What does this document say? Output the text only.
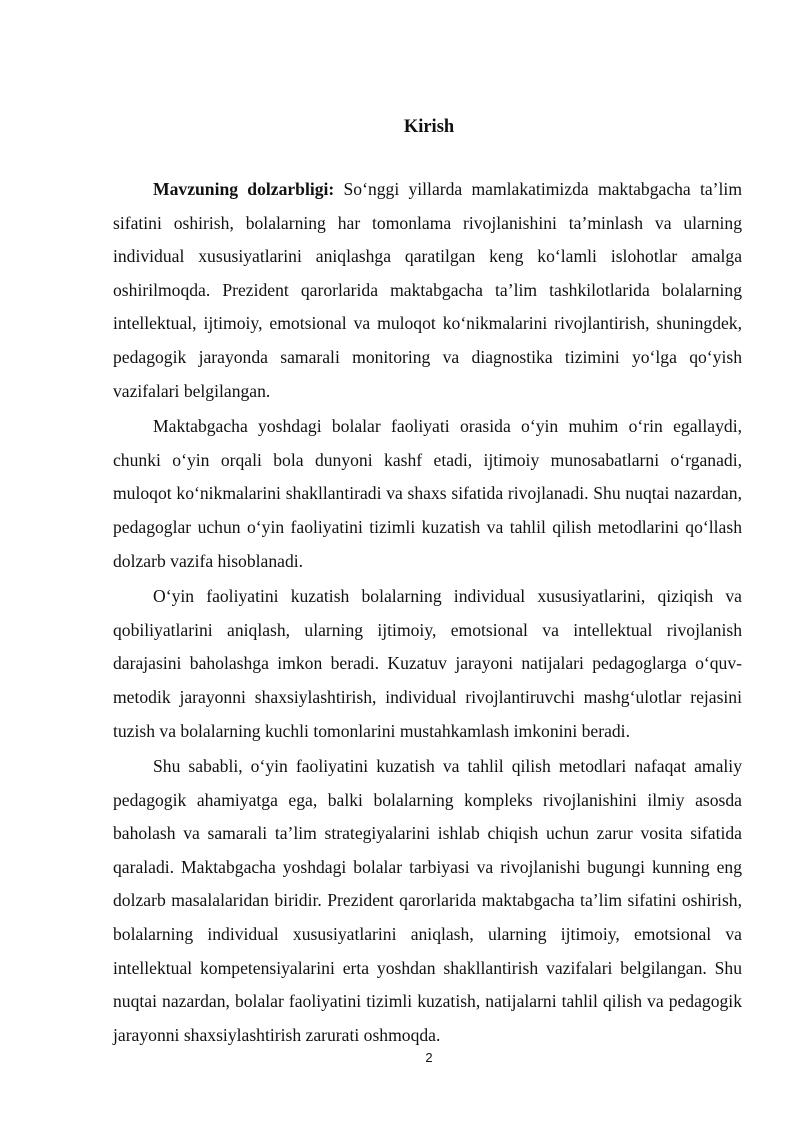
Kirish

Mavzuning dolzarbligi: So‘nggi yillarda mamlakatimizda maktabgacha ta’lim sifatini oshirish, bolalarning har tomonlama rivojlanishini ta’minlash va ularning individual xususiyatlarini aniqlashga qaratilgan keng ko‘lamli islohotlar amalga oshirilmoqda. Prezident qarorlarida maktabgacha ta’lim tashkilotlarida bolalarning intellektual, ijtimoiy, emotsional va muloqot ko‘nikmalarini rivojlantirish, shuningdek, pedagogik jarayonda samarali monitoring va diagnostika tizimini yo‘lga qo‘yish vazifalari belgilangan.

Maktabgacha yoshdagi bolalar faoliyati orasida o‘yin muhim o‘rin egallaydi, chunki o‘yin orqali bola dunyoni kashf etadi, ijtimoiy munosabatlarni o‘rganadi, muloqot ko‘nikmalarini shakllantiradi va shaxs sifatida rivojlanadi. Shu nuqtai nazardan, pedagoglar uchun o‘yin faoliyatini tizimli kuzatish va tahlil qilish metodlarini qo‘llash dolzarb vazifa hisoblanadi.

O‘yin faoliyatini kuzatish bolalarning individual xususiyatlarini, qiziqish va qobiliyatlarini aniqlash, ularning ijtimoiy, emotsional va intellektual rivojlanish darajasini baholashga imkon beradi. Kuzatuv jarayoni natijalari pedagoglarga o‘quv-metodik jarayonni shaxsiylashtirish, individual rivojlantiruvchi mashg‘ulotlar rejasini tuzish va bolalarning kuchli tomonlarini mustahkamlash imkonini beradi.

Shu sababli, o‘yin faoliyatini kuzatish va tahlil qilish metodlari nafaqat amaliy pedagogik ahamiyatga ega, balki bolalarning kompleks rivojlanishini ilmiy asosda baholash va samarali ta’lim strategiyalarini ishlab chiqish uchun zarur vosita sifatida qaraladi. Maktabgacha yoshdagi bolalar tarbiyasi va rivojlanishi bugungi kunning eng dolzarb masalalaridan biridir. Prezident qarorlarida maktabgacha ta’lim sifatini oshirish, bolalarning individual xususiyatlarini aniqlash, ularning ijtimoiy, emotsional va intellektual kompetensiyalarini erta yoshdan shakllantirish vazifalari belgilangan. Shu nuqtai nazardan, bolalar faoliyatini tizimli kuzatish, natijalarni tahlil qilish va pedagogik jarayonni shaxsiylashtirish zarurati oshmoqda.

2
